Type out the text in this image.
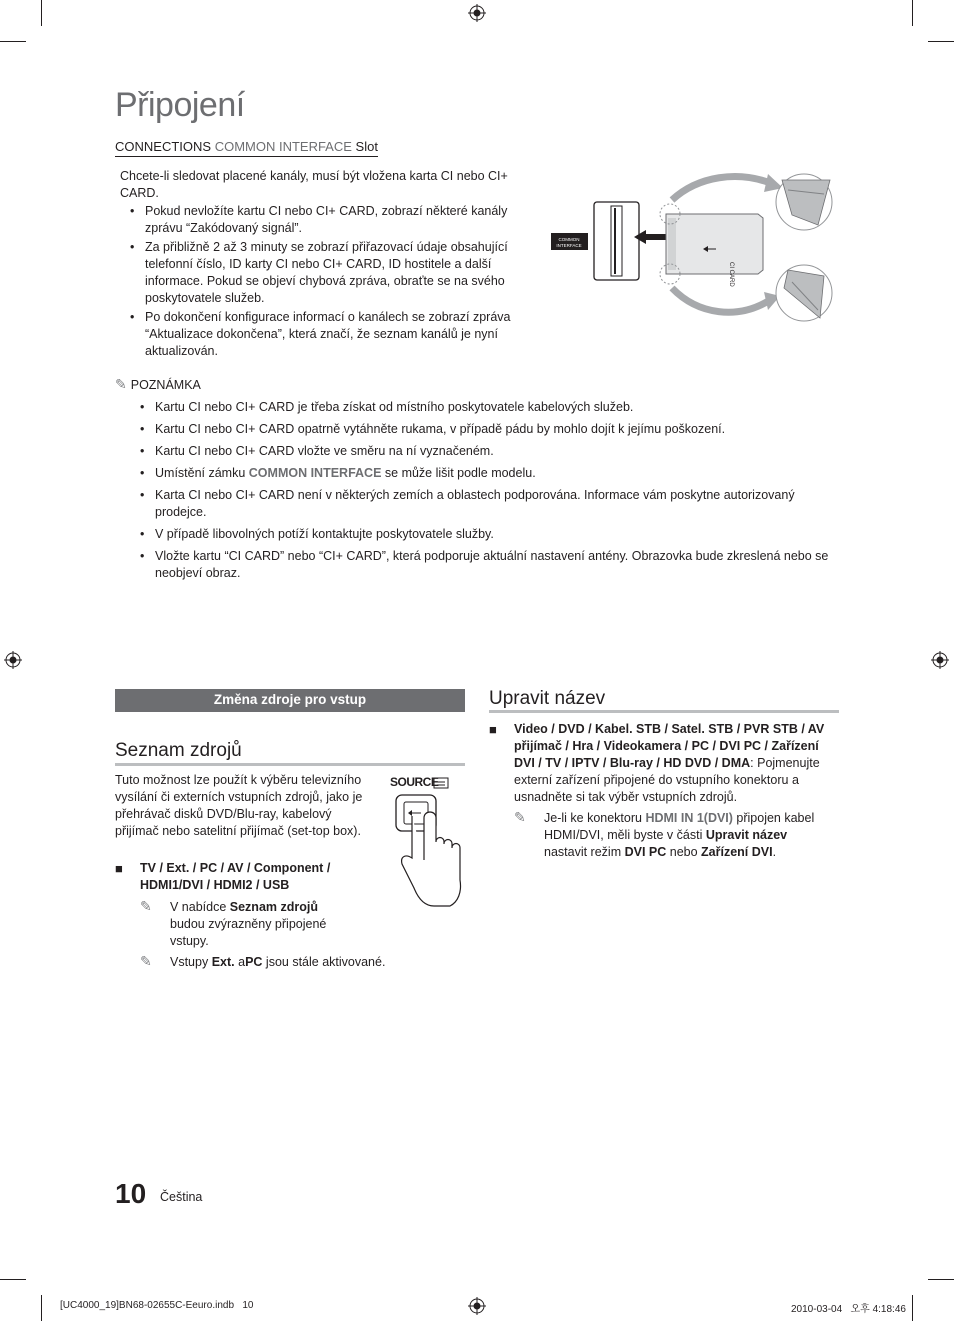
Připojení
CONNECTIONS COMMON INTERFACE Slot
Chcete-li sledovat placené kanály, musí být vložena karta CI nebo CI+ CARD.
• Pokud nevložíte kartu CI nebo CI+ CARD, zobrazí některé kanály zprávu “Zakódovaný signál”.
• Za přibližně 2 až 3 minuty se zobrazí přiřazovací údaje obsahující telefonní číslo, ID karty CI nebo CI+ CARD, ID hostitele a další informace. Pokud se objeví chybová zpráva, obraťte se na svého poskytovatele služeb.
• Po dokončení konfigurace informací o kanálech se zobrazí zpráva “Aktualizace dokončena”, která značí, že seznam kanálů je nyní aktualizován.
COMMON
INTERFACE
CI CARD
✎ POZNÁMKA
• Kartu CI nebo CI+ CARD je třeba získat od místního poskytovatele kabelových služeb.
• Kartu CI nebo CI+ CARD opatrně vytáhněte rukama, v případě pádu by mohlo dojít k jejímu poškození.
• Kartu CI nebo CI+ CARD vložte ve směru na ní vyznačeném.
• Umístění zámku COMMON INTERFACE se může lišit podle modelu.
• Karta CI nebo CI+ CARD není v některých zemích a oblastech podporována. Informace vám poskytne autorizovaný prodejce.
• V případě libovolných potíží kontaktujte poskytovatele služby.
• Vložte kartu “CI CARD” nebo “CI+ CARD”, která podporuje aktuální nastavení antény. Obrazovka bude zkreslená nebo se neobjeví obraz.
Změna zdroje pro vstup
Seznam zdrojů
Tuto možnost lze použít k výběru televizního vysílání či externích vstupních zdrojů, jako je přehrávač disků DVD/Blu-ray, kabelový přijímač nebo satelitní přijímač (set-top box).
■	TV / Ext. / PC / AV / Component / HDMI1/DVI / HDMI2 / USB
SOURCE
✎	V nabídce Seznam zdrojů budou zvýrazněny připojené vstupy.
✎	Vstupy Ext. aPC jsou stále aktivované.
Upravit název
■	Video / DVD / Kabel. STB / Satel. STB / PVR STB / AV přijímač / Hra / Videokamera / PC / DVI PC / Zařízení DVI / TV / IPTV / Blu-ray / HD DVD / DMA: Pojmenujte externí zařízení připojené do vstupního konektoru a usnadněte si tak výběr vstupních zdrojů.
✎	Je-li ke konektoru HDMI IN 1(DVI) připojen kabel HDMI/DVI, měli byste v části Upravit název nastavit režim DVI PC nebo Zařízení DVI.
10 Čeština
[UC4000_19]BN68-02655C-Eeuro.indb   10	2010-03-04   오후 4:18:46
